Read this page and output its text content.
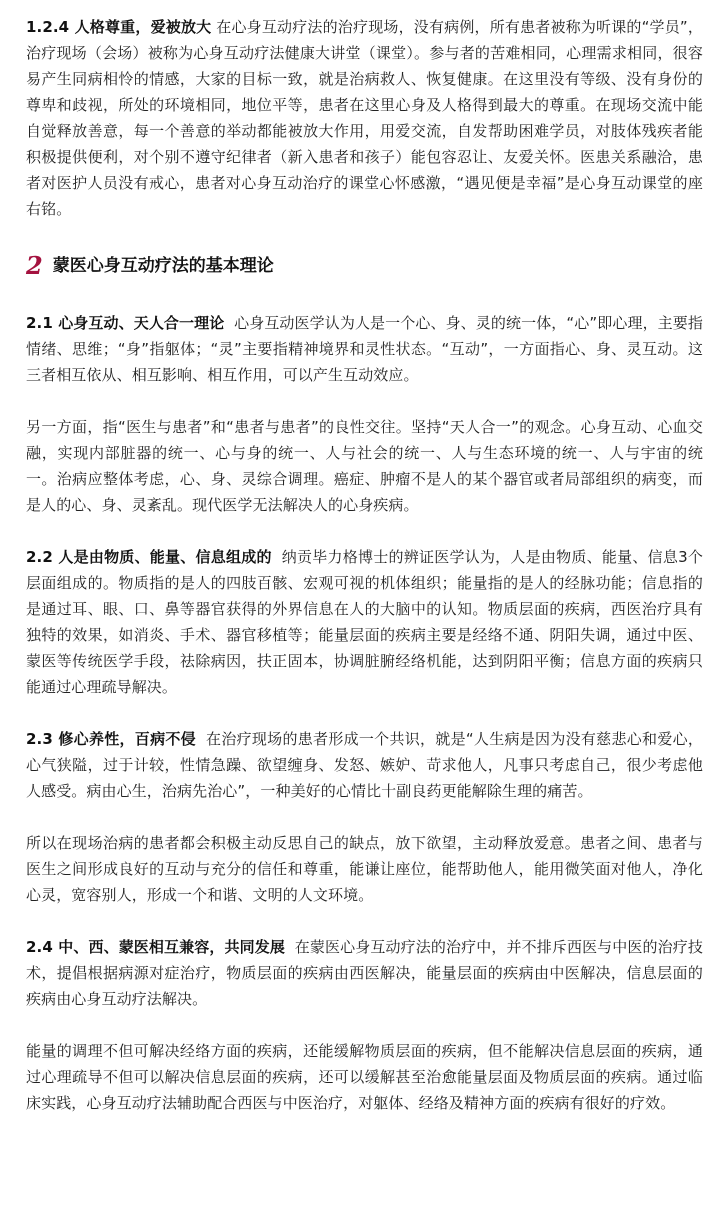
1.2.4 人格尊重，爱被放大 在心身互动疗法的治疗现场，没有病例，所有患者被称为听课的“学员”，治疗现场（会场）被称为心身互动疗法健康大讲堂（课堂）。参与者的苦难相同，心理需求相同，很容易产生同病相怜的情感，大家的目标一致，就是治病救人、恢复健康。在这里没有等级、没有身份的尊卑和歧视，所处的环境相同，地位平等，患者在这里心身及人格得到最大的尊重。在现场交流中能自觉释放善意，每一个善意的举动都能被放大作用，用爱交流，自发帮助困难学员，对肢体残疾者能积极提供便利，对个别不遵守纪律者（新入患者和孩子）能包容忍让、友爱关怀。医患关系融洽，患者对医护人员没有戒心，患者对心身互动治疗的课堂心怀感激，“遇见便是幸福”是心身互动课堂的座右铭。

2 蒙医心身互动疗法的基本理论

2.1 心身互动、天人合一理论 心身互动医学认为人是一个心、身、灵的统一体，“心”即心理，主要指情绪、思维；“身”指躯体；“灵”主要指精神境界和灵性状态。“互动”，一方面指心、身、灵互动。这三者相互依从、相互影响、相互作用，可以产生互动效应。

另一方面，指“医生与患者”和“患者与患者”的良性交往。坚持“天人合一”的观念。心身互动、心血交融，实现内部脏器的统一、心与身的统一、人与社会的统一、人与生态环境的统一、人与宇宙的统一。治病应整体考虑，心、身、灵综合调理。癌症、肿瘤不是人的某个器官或者局部组织的病变，而是人的心、身、灵紊乱。现代医学无法解决人的心身疾病。

2.2 人是由物质、能量、信息组成的 纳贡毕力格博士的辨证医学认为，人是由物质、能量、信息3个层面组成的。物质指的是人的四肢百骸、宏观可视的机体组织；能量指的是人的经脉功能；信息指的是通过耳、眼、口、鼻等器官获得的外界信息在人的大脑中的认知。物质层面的疾病，西医治疗具有独特的效果，如消炎、手术、器官移植等；能量层面的疾病主要是经络不通、阴阳失调，通过中医、蒙医等传统医学手段，祛除病因，扶正固本，协调脏腑经络机能，达到阴阳平衡；信息方面的疾病只能通过心理疏导解决。

2.3 修心养性，百病不侵 在治疗现场的患者形成一个共识，就是“人生病是因为没有慈悲心和爱心，心气狭隘，过于计较，性情急躁、欲望缠身、发怒、嫉妒、苛求他人，凡事只考虑自己，很少考虑他人感受。病由心生，治病先治心”，一种美好的心情比十副良药更能解除生理的痛苦。

所以在现场治病的患者都会积极主动反思自己的缺点，放下欲望，主动释放爱意。患者之间、患者与医生之间形成良好的互动与充分的信任和尊重，能谦让座位，能帮助他人，能用微笑面对他人，净化心灵，宽容别人，形成一个和谐、文明的人文环境。

2.4 中、西、蒙医相互兼容，共同发展 在蒙医心身互动疗法的治疗中，并不排斥西医与中医的治疗技术，提倡根据病源对症治疗，物质层面的疾病由西医解决，能量层面的疾病由中医解决，信息层面的疾病由心身互动疗法解决。

能量的调理不但可解决经络方面的疾病，还能缓解物质层面的疾病，但不能解决信息层面的疾病，通过心理疏导不但可以解决信息层面的疾病，还可以缓解甚至治愈能量层面及物质层面的疾病。通过临床实践，心身互动疗法辅助配合西医与中医治疗，对躯体、经络及精神方面的疾病有很好的疗效。
